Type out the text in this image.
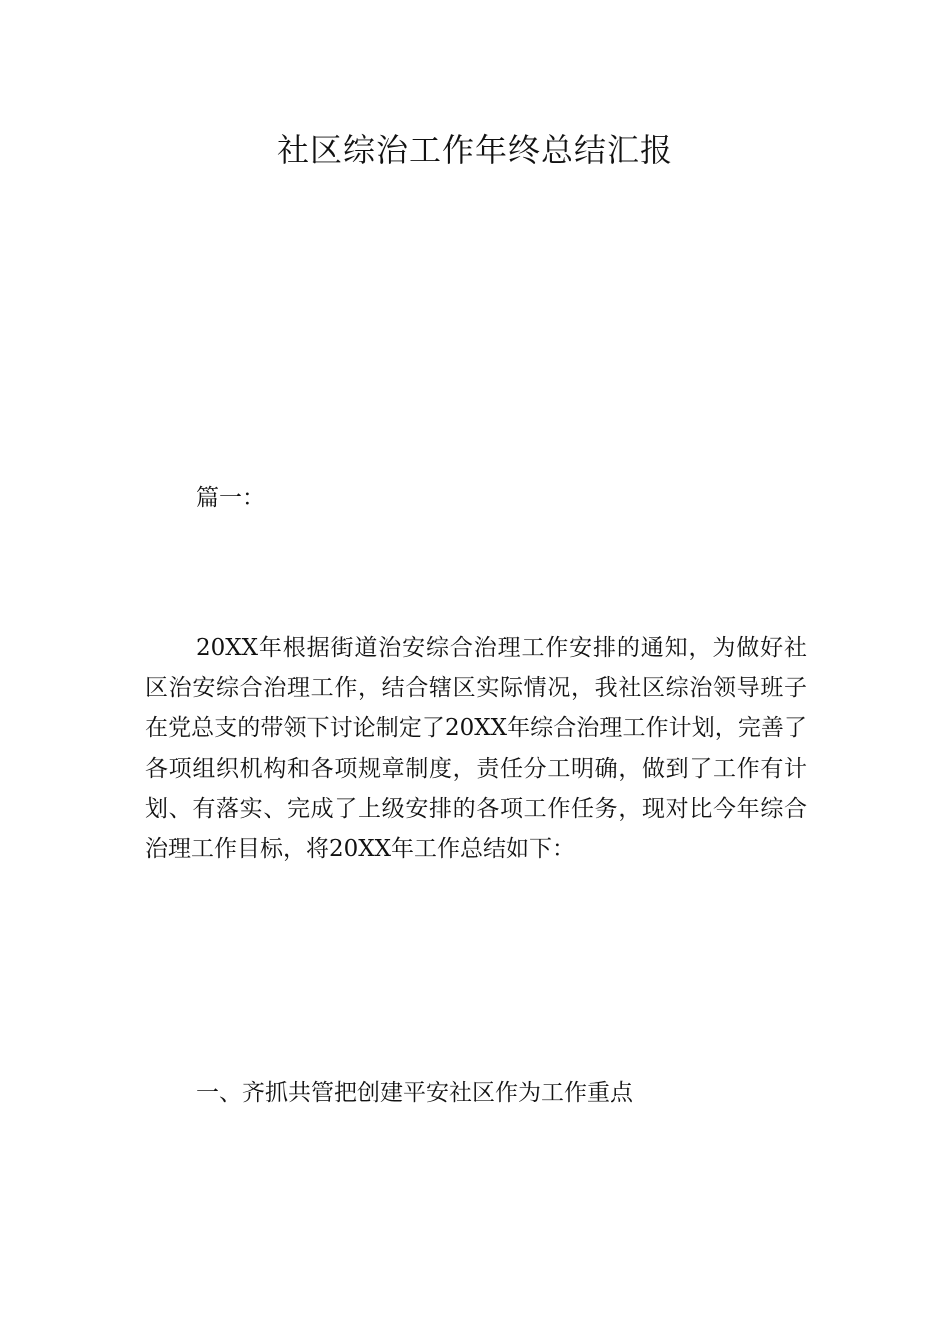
社区综治工作年终总结汇报

篇一：

20XX年根据街道治安综合治理工作安排的通知，为做好社区治安综合治理工作，结合辖区实际情况，我社区综治领导班子在党总支的带领下讨论制定了20XX年综合治理工作计划，完善了各项组织机构和各项规章制度，责任分工明确，做到了工作有计划、有落实、完成了上级安排的各项工作任务，现对比今年综合治理工作目标，将20XX年工作总结如下：

一、齐抓共管把创建平安社区作为工作重点
